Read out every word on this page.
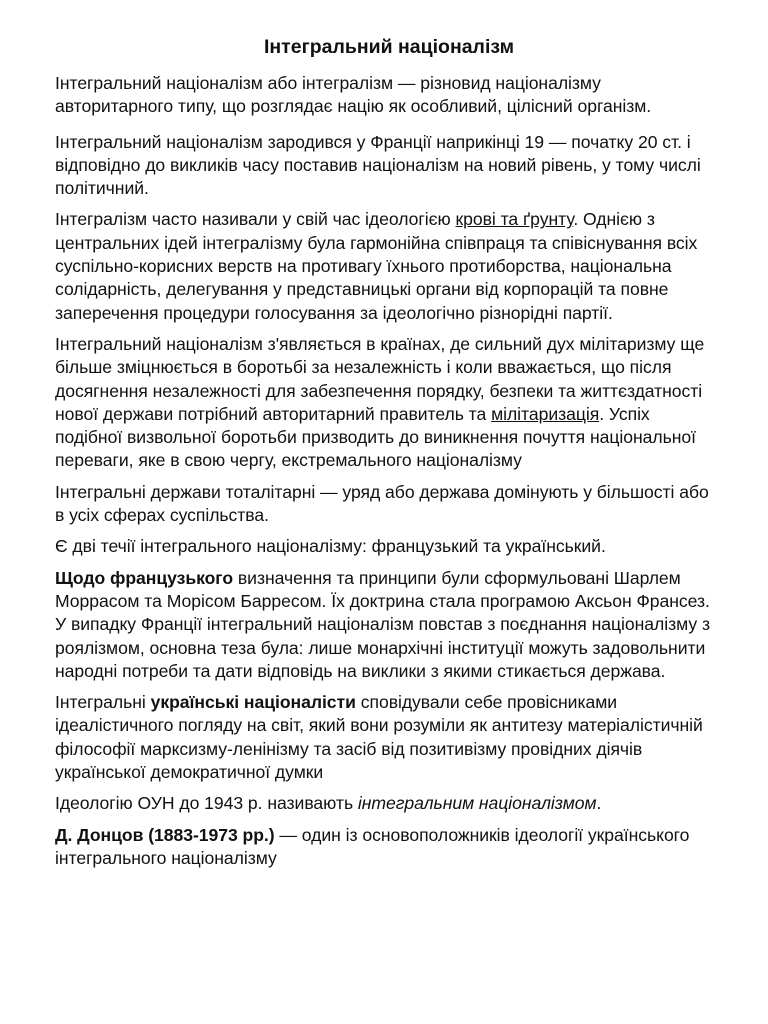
Інтегральний націоналізм

Інтегральний націоналізм або інтегралізм — різновид націоналізму авторитарного типу, що розглядає націю як особливий, цілісний організм.

Інтегральний націоналізм зародився у Франції наприкінці 19 — початку 20 ст. і відповідно до викликів часу поставив націоналізм на новий рівень, у тому числі політичний.

Інтегралізм часто називали у свій час ідеологією крові та ґрунту. Однією з центральних ідей інтегралізму була гармонійна співпраця та співіснування всіх суспільно-корисних верств на противагу їхнього протиборства, національна солідарність, делегування у представницькі органи від корпорацій та повне заперечення процедури голосування за ідеологічно різнорідні партії.

Інтегральний націоналізм з'являється в країнах, де сильний дух мілітаризму ще більше зміцнюється в боротьбі за незалежність і коли вважається, що після досягнення незалежності для забезпечення порядку, безпеки та життєздатності нової держави потрібний авторитарний правитель та мілітаризація. Успіх подібної визвольної боротьби призводить до виникнення почуття національної переваги, яке в свою чергу, екстремального націоналізму

Інтегральні держави тоталітарні — уряд або держава домінують у більшості або в усіх сферах суспільства.

Є дві течії інтегрального націоналізму: французький та український.

Щодо французького визначення та принципи були сформульовані Шарлем Моррасом та Морісом Барресом. Їх доктрина стала програмою Аксьон Франсез. У випадку Франції інтегральний націоналізм повстав з поєднання націоналізму з роялізмом, основна теза була: лише монархічні інституції можуть задовольнити народні потреби та дати відповідь на виклики з якими стикається держава.

Інтегральні українські націоналісти сповідували себе провісниками ідеалістичного погляду на світ, який вони розуміли як антитезу матеріалістичній філософії марксизму-ленінізму та засіб від позитивізму провідних діячів української демократичної думки

Ідеологію ОУН до 1943 р. називають інтегральним націоналізмом.

Д. Донцов (1883-1973 рр.) — один із основоположників ідеології українського інтегрального націоналізму
